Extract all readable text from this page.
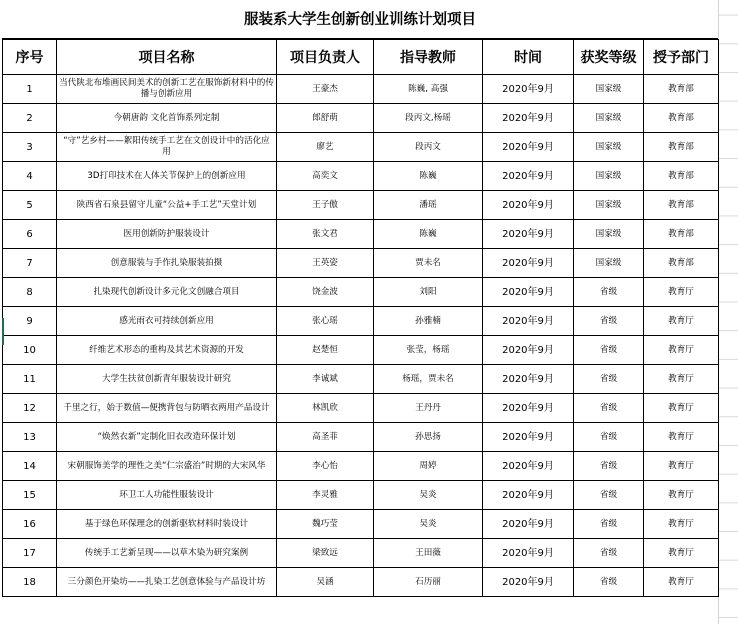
服装系大学生创新创业训练计划项目
序号	项目名称	项目负责人	指导教师	时间	获奖等级	授予部门
1	当代陕北布堆画民间美术的创新工艺在服饰新材料中的传播与创新应用	王豪杰	陈巍, 高强	2020年9月	国家级	教育部
2	今朝唐韵 文化首饰系列定制	郎舒萌	段丙文,杨瑶	2020年9月	国家级	教育部
3	“守”艺乡村——絮阳传统手工艺在文创设计中的活化应用	廖艺	段丙文	2020年9月	国家级	教育部
4	3D打印技术在人体关节保护上的创新应用	高奕文	陈巍	2020年9月	国家级	教育部
5	陕西省石泉县留守儿童“公益+手工艺”天堂计划	王子傲	潘瑶	2020年9月	国家级	教育部
6	医用创新防护服装设计	张文君	陈巍	2020年9月	国家级	教育部
7	创意服装与手作扎染服装拍摄	王英姿	贾未名	2020年9月	国家级	教育部
8	扎染现代创新设计多元化文创融合项目	饶金波	刘阳	2020年9月	省级	教育厅
9	感光雨衣可持续创新应用	张心瑶	孙雅楠	2020年9月	省级	教育厅
10	纤维艺术形态的重构及其艺术资源的开发	赵楚恒	张莹，杨瑶	2020年9月	省级	教育厅
11	大学生扶贫创新青年服装设计研究	李诚斌	杨瑶，贾未名	2020年9月	省级	教育厅
12	千里之行，始于数值—便携背包与防晒衣两用产品设计	林凯欣	王丹丹	2020年9月	省级	教育厅
13	“焕然衣新”定制化旧衣改造环保计划	高圣菲	孙思扬	2020年9月	省级	教育厅
14	宋朝服饰美学的理性之美“仁宗盛治”时期的大宋风华	李心怡	周婷	2020年9月	省级	教育厅
15	环卫工人功能性服装设计	李灵雅	吴炎	2020年9月	省级	教育厅
16	基于绿色环保理念的创新驱软材料时装设计	魏巧莹	吴炎	2020年9月	省级	教育厅
17	传统手工艺新呈现——以草木染为研究案例	梁致远	王田薇	2020年9月	省级	教育厅
18	三分颜色开染坊——扎染工艺创意体验与产品设计坊	吴涵	石历丽	2020年9月	省级	教育厅
